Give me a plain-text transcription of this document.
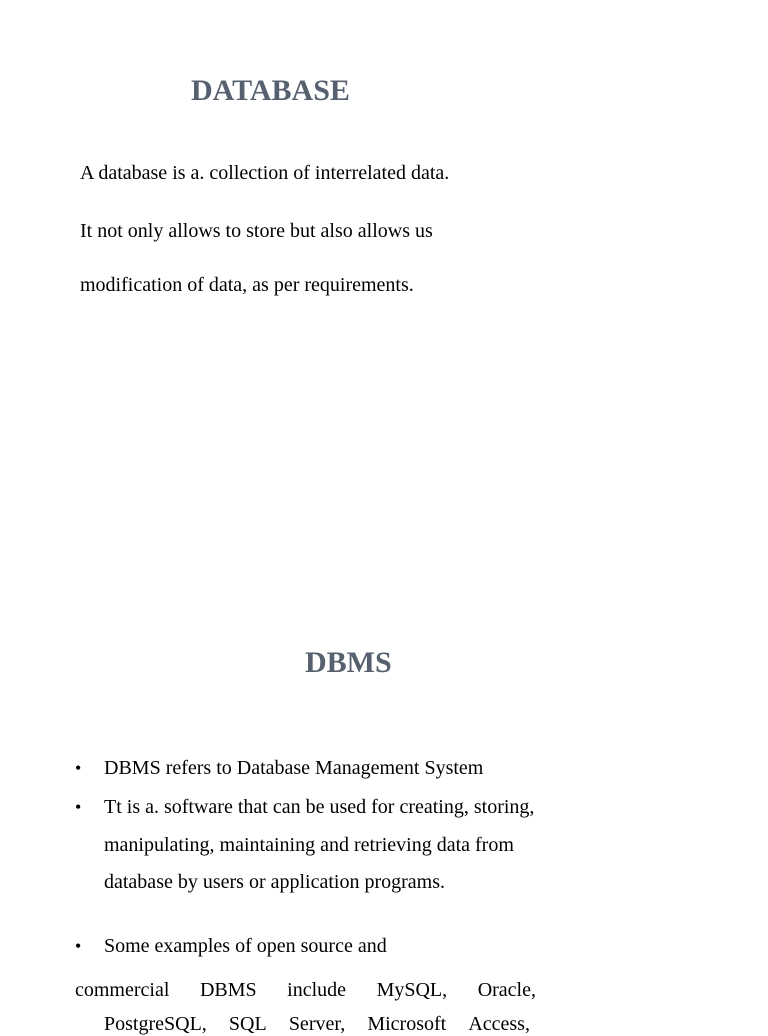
DATABASE

A database is a. collection of interrelated data.

It not only allows to store but also allows us

modification of data, as per requirements.

DBMS
• DBMS refers to Database Management System
• Tt is a. software that can be used for creating, storing, manipulating, maintaining and retrieving data from database by users or application programs.
• Some examples of open source and
commercial DBMS include MySQL, Oracle,
PostgreSQL, SQL Server, Microsoft Access,
